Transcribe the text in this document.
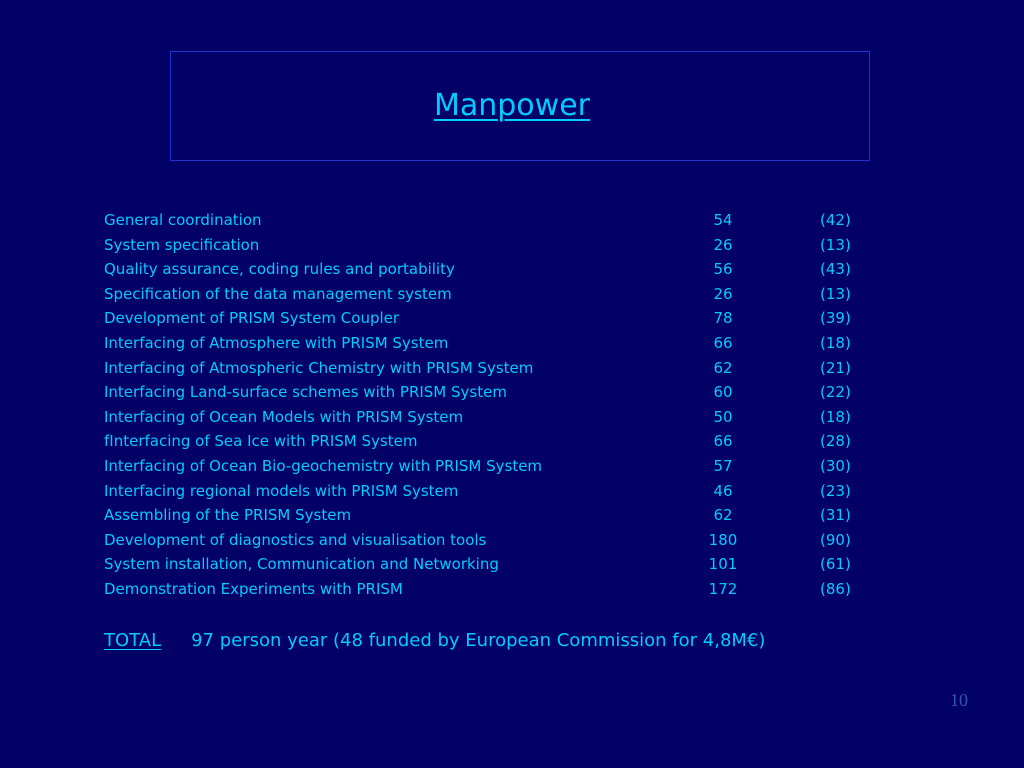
Manpower
General coordination	54	(42)
System specification	26	(13)
Quality assurance, coding rules and portability	56	(43)
Specification of the data management system	26	(13)
Development of PRISM System Coupler	78	(39)
Interfacing of Atmosphere with PRISM System	66	(18)
Interfacing of Atmospheric Chemistry with PRISM System	62	(21)
Interfacing Land-surface schemes with PRISM System	60	(22)
Interfacing of Ocean Models with PRISM System	50	(18)
fInterfacing of Sea Ice with PRISM System	66	(28)
Interfacing of Ocean Bio-geochemistry with PRISM System	57	(30)
Interfacing regional models with PRISM System	46	(23)
Assembling of the PRISM System	62	(31)
Development of diagnostics and visualisation tools	180	(90)
System installation, Communication and Networking	101	(61)
Demonstration Experiments with PRISM	172	(86)
TOTAL 97 person year (48 funded by European Commission for 4,8M€)
10
